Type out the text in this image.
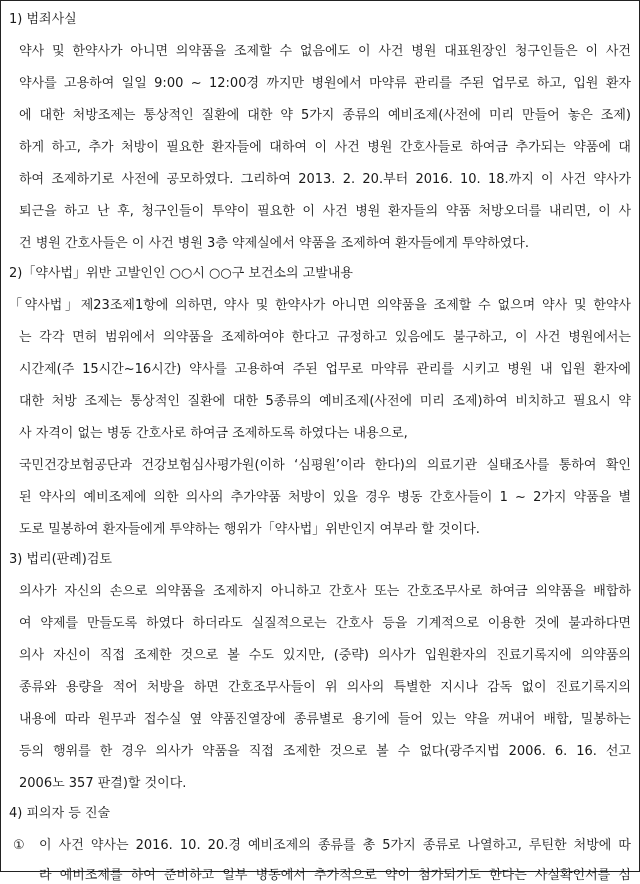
1) 범죄사실
약사 및 한약사가 아니면 의약품을 조제할 수 없음에도 이 사건 병원 대표원장인 청구인들은 이 사건
약사를 고용하여 일일 9:00 ~ 12:00경 까지만 병원에서 마약류 관리를 주된 업무로 하고, 입원 환자
에 대한 처방조제는 통상적인 질환에 대한 약 5가지 종류의 예비조제(사전에 미리 만들어 놓은 조제)
하게 하고, 추가 처방이 필요한 환자들에 대하여 이 사건 병원 간호사들로 하여금 추가되는 약품에 대
하여 조제하기로 사전에 공모하였다. 그리하여 2013. 2. 20.부터 2016. 10. 18.까지 이 사건 약사가
퇴근을 하고 난 후, 청구인들이 투약이 필요한 이 사건 병원 환자들의 약품 처방오더를 내리면, 이 사
건 병원 간호사들은 이 사건 병원 3층 약제실에서 약품을 조제하여 환자들에게 투약하였다.
2)「약사법」위반 고발인인 ○○시 ○○구 보건소의 고발내용
「약사법」제23조제1항에 의하면, 약사 및 한약사가 아니면 의약품을 조제할 수 없으며 약사 및 한약사
는 각각 면허 범위에서 의약품을 조제하여야 한다고 규정하고 있음에도 불구하고, 이 사건 병원에서는
시간제(주 15시간~16시간) 약사를 고용하여 주된 업무로 마약류 관리를 시키고 병원 내 입원 환자에
대한 처방 조제는 통상적인 질환에 대한 5종류의 예비조제(사전에 미리 조제)하여 비치하고 필요시 약
사 자격이 없는 병동 간호사로 하여금 조제하도록 하였다는 내용으로,
국민건강보험공단과 건강보험심사평가원(이하 ‘심평원’이라 한다)의 의료기관 실태조사를 통하여 확인
된 약사의 예비조제에 의한 의사의 추가약품 처방이 있을 경우 병동 간호사들이 1 ~ 2가지 약품을 별
도로 밀봉하여 환자들에게 투약하는 행위가「약사법」위반인지 여부라 할 것이다.
3) 법리(판례)검토
의사가 자신의 손으로 의약품을 조제하지 아니하고 간호사 또는 간호조무사로 하여금 의약품을 배합하
여 약제를 만들도록 하였다 하더라도 실질적으로는 간호사 등을 기계적으로 이용한 것에 불과하다면
의사 자신이 직접 조제한 것으로 볼 수도 있지만, (중략) 의사가 입원환자의 진료기록지에 의약품의
종류와 용량을 적어 처방을 하면 간호조무사들이 위 의사의 특별한 지시나 감독 없이 진료기록지의
내용에 따라 원무과 접수실 옆 약품진열장에 종류별로 용기에 들어 있는 약을 꺼내어 배합, 밀봉하는
등의 행위를 한 경우 의사가 약품을 직접 조제한 것으로 볼 수 없다(광주지법 2006. 6. 16. 선고
2006노 357 판결)할 것이다.
4) 피의자 등 진술
① 이 사건 약사는 2016. 10. 20.경 예비조제의 종류를 총 5가지 종류로 나열하고, 루틴한 처방에 따
라 예비조제를 하여 준비하고 일부 병동에서 추가적으로 약이 첨가되기도 한다는 사실확인서를 심
